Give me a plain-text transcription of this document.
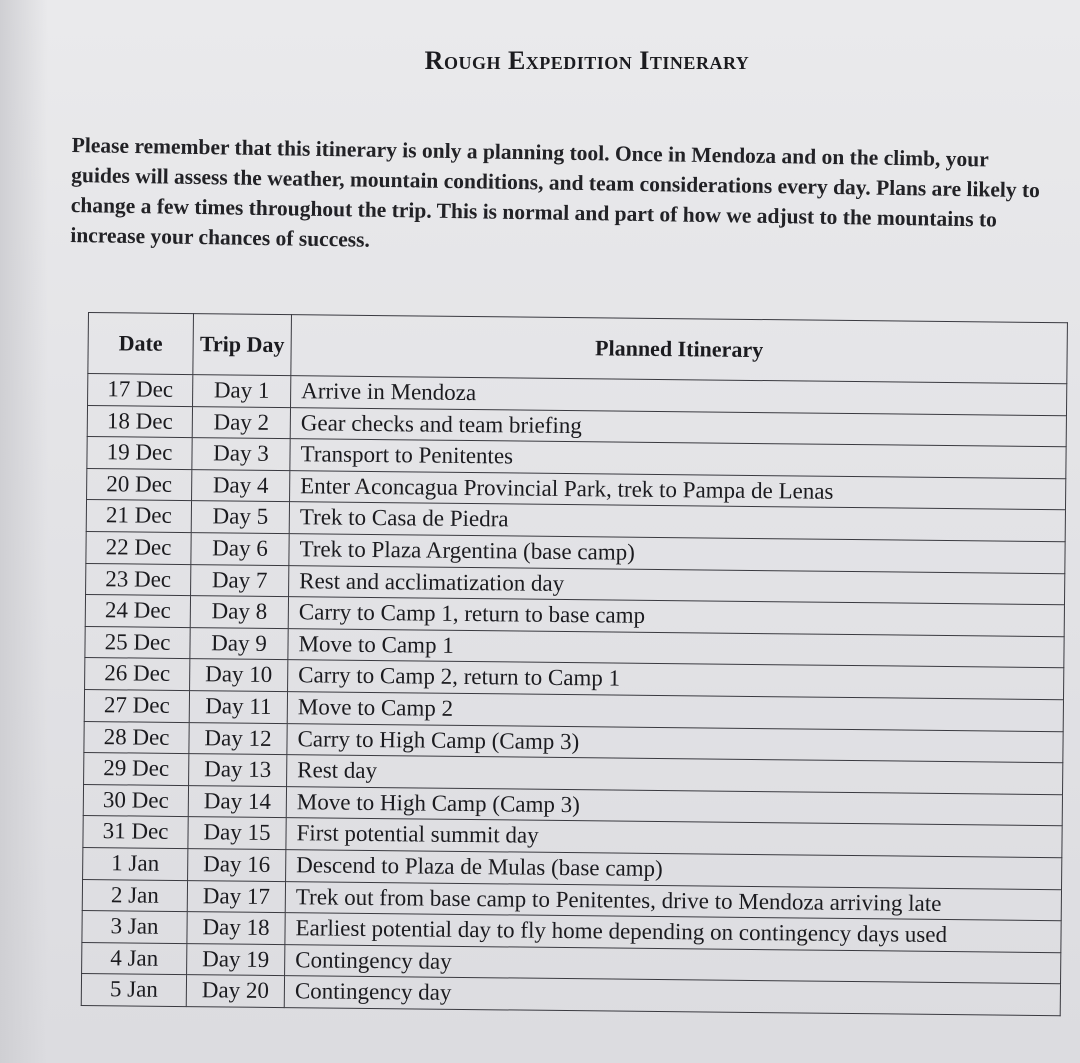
Rough Expedition Itinerary

Please remember that this itinerary is only a planning tool. Once in Mendoza and on the climb, your guides will assess the weather, mountain conditions, and team considerations every day. Plans are likely to change a few times throughout the trip. This is normal and part of how we adjust to the mountains to increase your chances of success.

Date	Trip Day	Planned Itinerary
17 Dec	Day 1	Arrive in Mendoza
18 Dec	Day 2	Gear checks and team briefing
19 Dec	Day 3	Transport to Penitentes
20 Dec	Day 4	Enter Aconcagua Provincial Park, trek to Pampa de Lenas
21 Dec	Day 5	Trek to Casa de Piedra
22 Dec	Day 6	Trek to Plaza Argentina (base camp)
23 Dec	Day 7	Rest and acclimatization day
24 Dec	Day 8	Carry to Camp 1, return to base camp
25 Dec	Day 9	Move to Camp 1
26 Dec	Day 10	Carry to Camp 2, return to Camp 1
27 Dec	Day 11	Move to Camp 2
28 Dec	Day 12	Carry to High Camp (Camp 3)
29 Dec	Day 13	Rest day
30 Dec	Day 14	Move to High Camp (Camp 3)
31 Dec	Day 15	First potential summit day
1 Jan	Day 16	Descend to Plaza de Mulas (base camp)
2 Jan	Day 17	Trek out from base camp to Penitentes, drive to Mendoza arriving late
3 Jan	Day 18	Earliest potential day to fly home depending on contingency days used
4 Jan	Day 19	Contingency day
5 Jan	Day 20	Contingency day
